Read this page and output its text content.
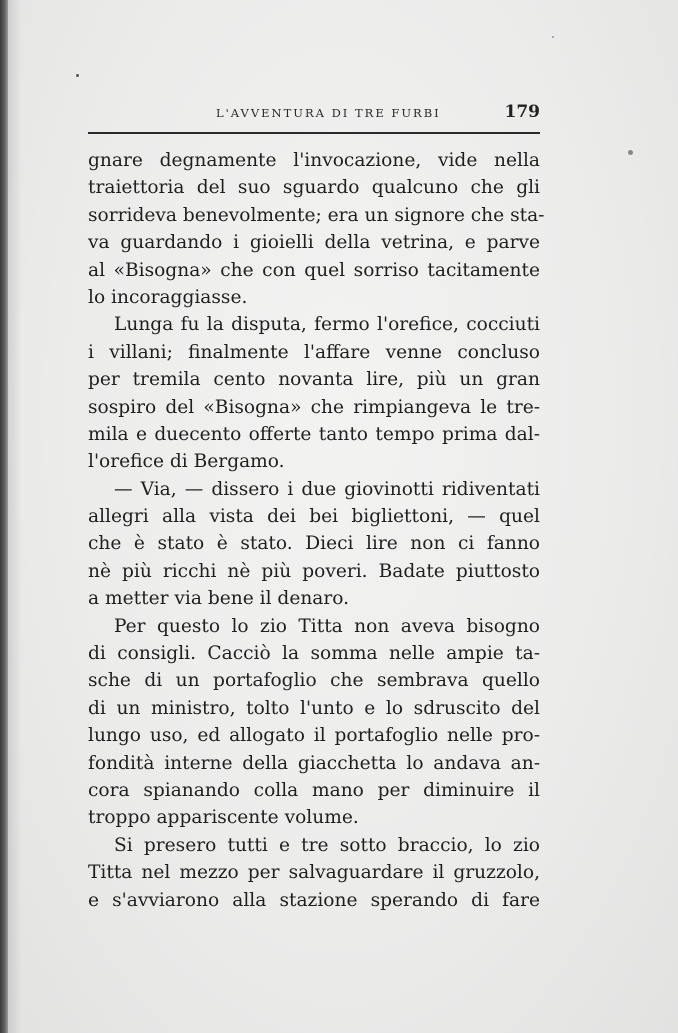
L'AVVENTURA DI TRE FURBI	179
gnare degnamente l'invocazione, vide nella
traiettoria del suo sguardo qualcuno che gli
sorrideva benevolmente; era un signore che sta-
va guardando i gioielli della vetrina, e parve
al «Bisogna» che con quel sorriso tacitamente
lo incoraggiasse.
Lunga fu la disputa, fermo l'orefice, cocciuti
i villani; finalmente l'affare venne concluso
per tremila cento novanta lire, più un gran
sospiro del «Bisogna» che rimpiangeva le tre-
mila e duecento offerte tanto tempo prima dal-
l'orefice di Bergamo.
— Via, — dissero i due giovinotti ridiventati
allegri alla vista dei bei bigliettoni, — quel
che è stato è stato. Dieci lire non ci fanno
nè più ricchi nè più poveri. Badate piuttosto
a metter via bene il denaro.
Per questo lo zio Titta non aveva bisogno
di consigli. Cacciò la somma nelle ampie ta-
sche di un portafoglio che sembrava quello
di un ministro, tolto l'unto e lo sdruscito del
lungo uso, ed allogato il portafoglio nelle pro-
fondità interne della giacchetta lo andava an-
cora spianando colla mano per diminuire il
troppo appariscente volume.
Si presero tutti e tre sotto braccio, lo zio
Titta nel mezzo per salvaguardare il gruzzolo,
e s'avviarono alla stazione sperando di fare
